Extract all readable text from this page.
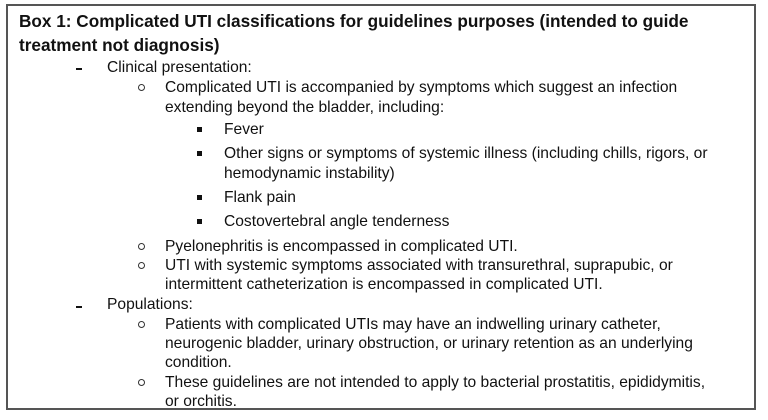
Box 1: Complicated UTI classifications for guidelines purposes (intended to guide
treatment not diagnosis)
Clinical presentation:
Complicated UTI is accompanied by symptoms which suggest an infection
extending beyond the bladder, including:
Fever
Other signs or symptoms of systemic illness (including chills, rigors, or
hemodynamic instability)
Flank pain
Costovertebral angle tenderness
Pyelonephritis is encompassed in complicated UTI.
UTI with systemic symptoms associated with transurethral, suprapubic, or
intermittent catheterization is encompassed in complicated UTI.
Populations:
Patients with complicated UTIs may have an indwelling urinary catheter,
neurogenic bladder, urinary obstruction, or urinary retention as an underlying
condition.
These guidelines are not intended to apply to bacterial prostatitis, epididymitis,
or orchitis.
